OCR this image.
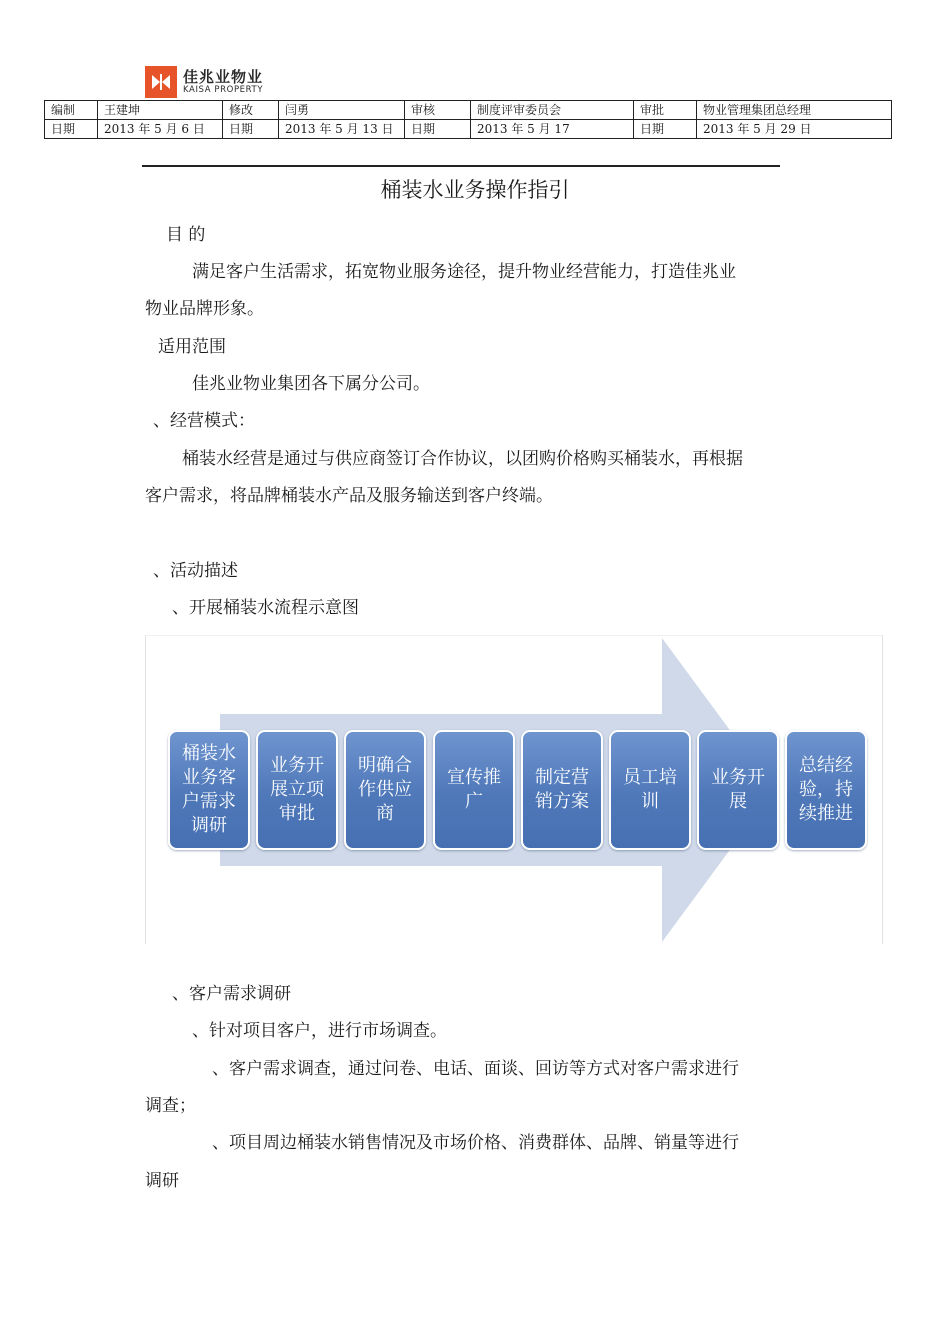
佳兆业物业
KAISA PROPERTY
编制	王建坤	修改	闫勇	审核	制度评审委员会	审批	物业管理集团总经理
日期	2013 年 5 月 6 日	日期	2013 年 5 月 13 日	日期	2013 年 5 月 17	日期	2013 年 5 月 29 日
桶装水业务操作指引
目 的
满足客户生活需求，拓宽物业服务途径，提升物业经营能力，打造佳兆业
物业品牌形象。
适用范围
佳兆业物业集团各下属分公司。
、经营模式：
桶装水经营是通过与供应商签订合作协议，以团购价格购买桶装水，再根据
客户需求，将品牌桶装水产品及服务输送到客户终端。
、活动描述
、开展桶装水流程示意图
桶装水业务客户需求调研
业务开展立项审批
明确合作供应商
宣传推广
制定营销方案
员工培训
业务开展
总结经验，持续推进
、客户需求调研
、针对项目客户，进行市场调查。
、客户需求调查，通过问卷、电话、面谈、回访等方式对客户需求进行
调查；
、项目周边桶装水销售情况及市场价格、消费群体、品牌、销量等进行
调研
